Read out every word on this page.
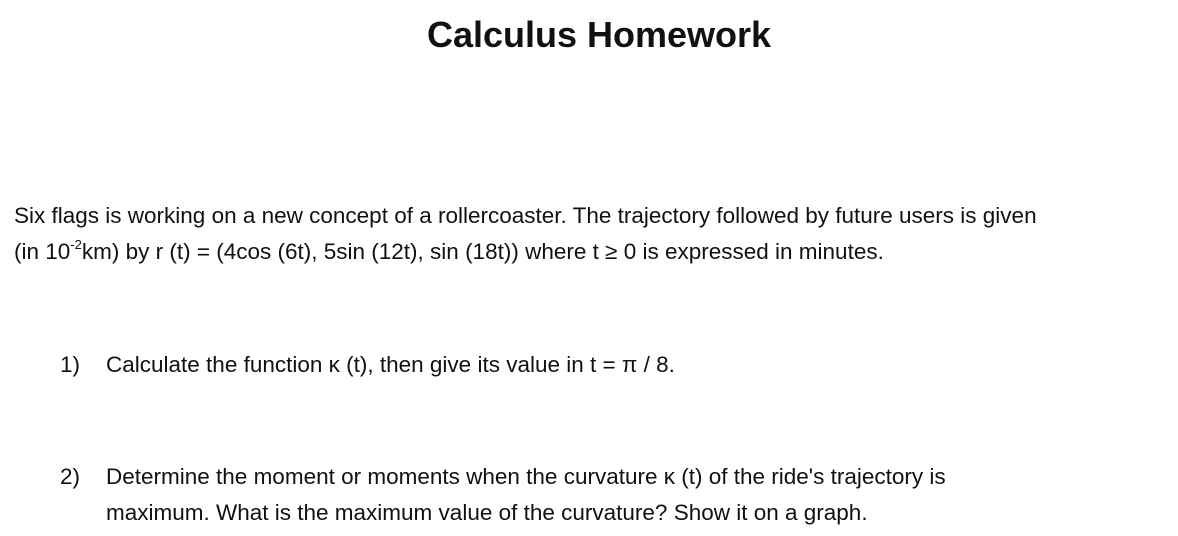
Calculus Homework
Six flags is working on a new concept of a rollercoaster. The trajectory followed by future users is given
(in $10^{-2}km$) by r (t) = (4cos (6t), 5sin (12t), sin (18t)) where t ≥ 0 is expressed in minutes.
1)	Calculate the function κ (t), then give its value in t = π / 8.
2)	Determine the moment or moments when the curvature κ (t) of the ride's trajectory is
maximum. What is the maximum value of the curvature? Show it on a graph.
